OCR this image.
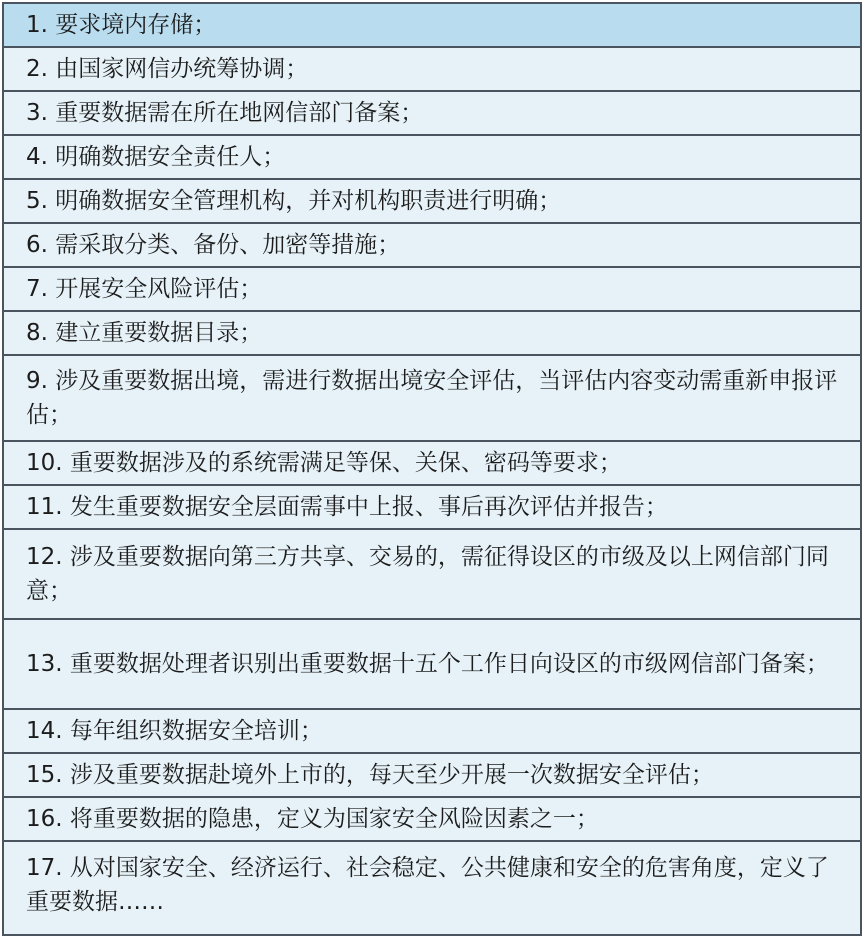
1. 要求境内存储；
2. 由国家网信办统筹协调；
3. 重要数据需在所在地网信部门备案；
4. 明确数据安全责任人；
5. 明确数据安全管理机构，并对机构职责进行明确；
6. 需采取分类、备份、加密等措施；
7. 开展安全风险评估；
8. 建立重要数据目录；
9. 涉及重要数据出境，需进行数据出境安全评估，当评估内容变动需重新申报评估；
10. 重要数据涉及的系统需满足等保、关保、密码等要求；
11. 发生重要数据安全层面需事中上报、事后再次评估并报告；
12. 涉及重要数据向第三方共享、交易的，需征得设区的市级及以上网信部门同意；
13. 重要数据处理者识别出重要数据十五个工作日向设区的市级网信部门备案；
14. 每年组织数据安全培训；
15. 涉及重要数据赴境外上市的，每天至少开展一次数据安全评估；
16. 将重要数据的隐患，定义为国家安全风险因素之一；
17. 从对国家安全、经济运行、社会稳定、公共健康和安全的危害角度，定义了重要数据……
